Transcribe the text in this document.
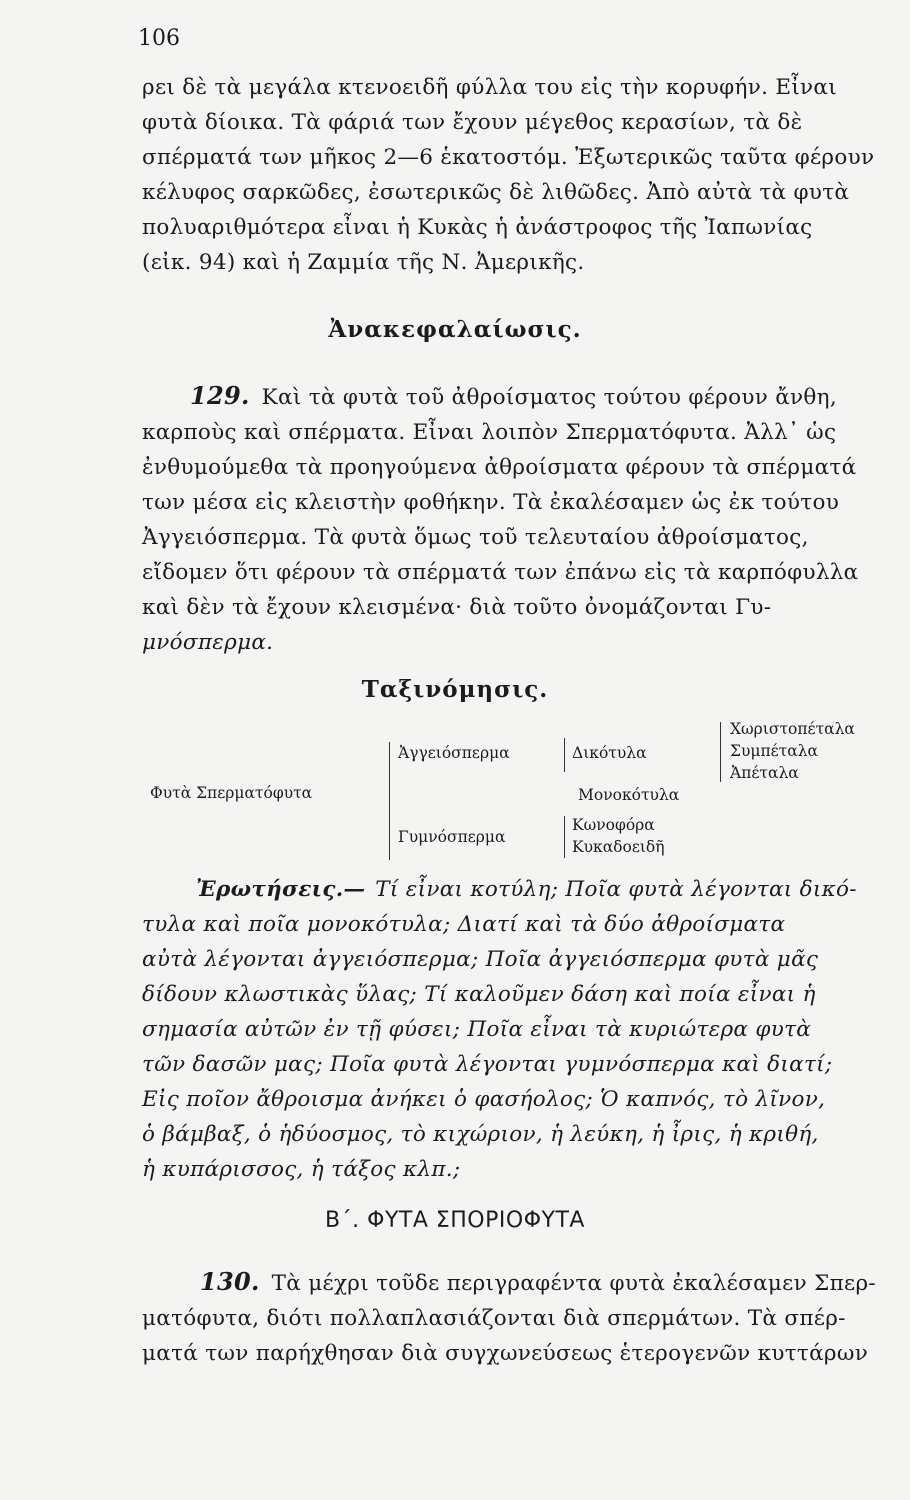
106
ρει δὲ τὰ μεγάλα κτενοειδῆ φύλλα του εἰς τὴν κορυφήν. Εἶναι
φυτὰ δίοικα. Τὰ φάριά των ἔχουν μέγεθος κερασίων, τὰ δὲ
σπέρματά των μῆκος 2—6 ἑκατοστόμ. Ἐξωτερικῶς ταῦτα φέρουν
κέλυφος σαρκῶδες, ἐσωτερικῶς δὲ λιθῶδες. Ἀπὸ αὐτὰ τὰ φυτὰ
πολυαριθμότερα εἶναι ἡ Κυκὰς ἡ ἀνάστροφος τῆς Ἰαπωνίας
(εἰκ. 94) καὶ ἡ Ζαμμία τῆς Ν. Ἀμερικῆς.
Ἀνακεφαλαίωσις.
129. Καὶ τὰ φυτὰ τοῦ ἀθροίσματος τούτου φέρουν ἄνθη,
καρποὺς καὶ σπέρματα. Εἶναι λοιπὸν Σπερματόφυτα. Ἀλλ᾽ ὡς
ἐνθυμούμεθα τὰ προηγούμενα ἀθροίσματα φέρουν τὰ σπέρματά
των μέσα εἰς κλειστὴν φοθήκην. Τὰ ἐκαλέσαμεν ὡς ἐκ τούτου
Ἀγγειόσπερμα. Τὰ φυτὰ ὅμως τοῦ τελευταίου ἀθροίσματος,
εἴδομεν ὅτι φέρουν τὰ σπέρματά των ἐπάνω εἰς τὰ καρπόφυλλα
καὶ δὲν τὰ ἔχουν κλεισμένα· διὰ τοῦτο ὀνομάζονται Γυ-
μνόσπερμα.
Ταξινόμησις.
Φυτὰ Σπερματόφυτα
Ἀγγειόσπερμα	Δικότυλα
Χωριστοπέταλα
Συμπέταλα
Ἀπέταλα
Μονοκότυλα
Γυμνόσπερμα
Κωνοφόρα
Κυκαδοειδῆ
Ἐρωτήσεις.— Τί εἶναι κοτύλη; Ποῖα φυτὰ λέγονται δικό-
τυλα καὶ ποῖα μονοκότυλα; Διατί καὶ τὰ δύο ἀθροίσματα
αὐτὰ λέγονται ἀγγειόσπερμα; Ποῖα ἀγγειόσπερμα φυτὰ μᾶς
δίδουν κλωστικὰς ὕλας; Τί καλοῦμεν δάση καὶ ποία εἶναι ἡ
σημασία αὐτῶν ἐν τῇ φύσει; Ποῖα εἶναι τὰ κυριώτερα φυτὰ
τῶν δασῶν μας; Ποῖα φυτὰ λέγονται γυμνόσπερμα καὶ διατί;
Εἰς ποῖον ἄθροισμα ἀνήκει ὁ φασήολος; Ὁ καπνός, τὸ λῖνον,
ὁ βάμβαξ, ὁ ἡδύοσμος, τὸ κιχώριον, ἡ λεύκη, ἡ ἶρις, ἡ κριθή,
ἡ κυπάρισσος, ἡ τάξος κλπ.;
Β΄. ΦΥΤΑ ΣΠΟΡΙΟΦΥΤΑ
130. Τὰ μέχρι τοῦδε περιγραφέντα φυτὰ ἐκαλέσαμεν Σπερ-
ματόφυτα, διότι πολλαπλασιάζονται διὰ σπερμάτων. Τὰ σπέρ-
ματά των παρήχθησαν διὰ συγχωνεύσεως ἑτερογενῶν κυττάρων
